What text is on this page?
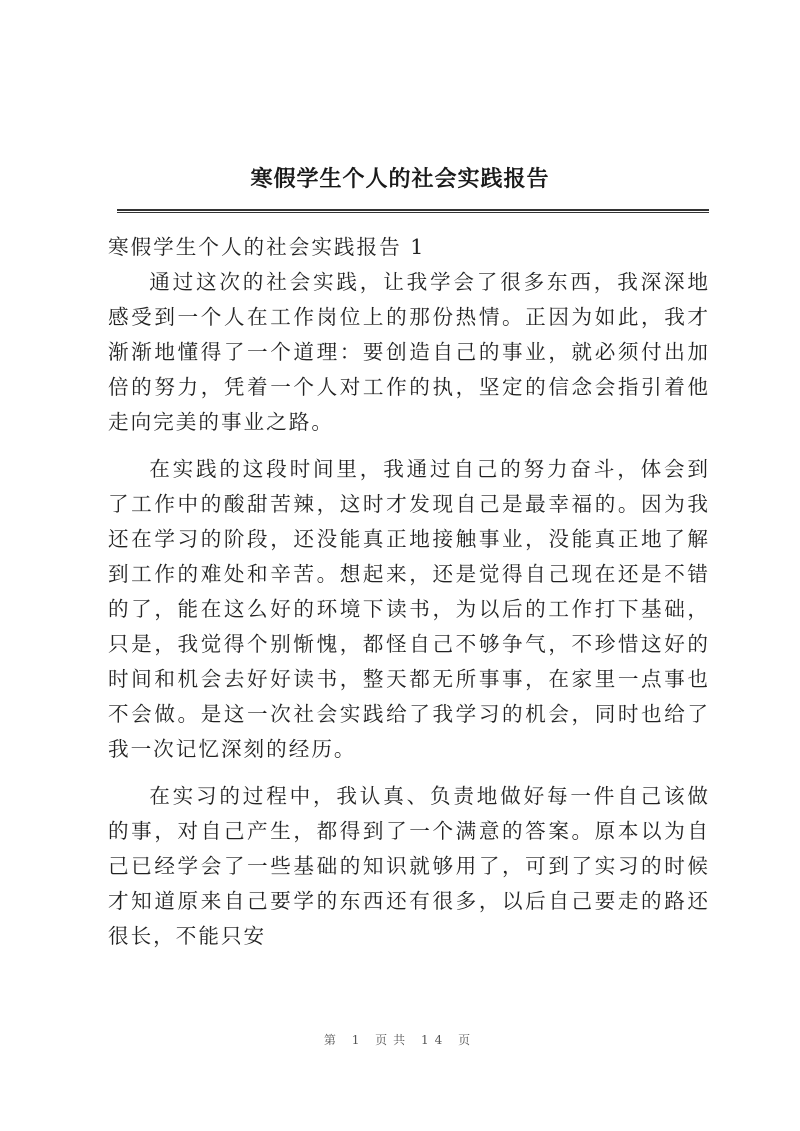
寒假学生个人的社会实践报告
寒假学生个人的社会实践报告 1

通过这次的社会实践，让我学会了很多东西，我深深地感受到一个人在工作岗位上的那份热情。正因为如此，我才渐渐地懂得了一个道理：要创造自己的事业，就必须付出加倍的努力，凭着一个人对工作的执，坚定的信念会指引着他走向完美的事业之路。

在实践的这段时间里，我通过自己的努力奋斗，体会到了工作中的酸甜苦辣，这时才发现自己是最幸福的。因为我还在学习的阶段，还没能真正地接触事业，没能真正地了解到工作的难处和辛苦。想起来，还是觉得自己现在还是不错的了，能在这么好的环境下读书，为以后的工作打下基础，只是，我觉得个别惭愧，都怪自己不够争气，不珍惜这好的时间和机会去好好读书，整天都无所事事，在家里一点事也不会做。是这一次社会实践给了我学习的机会，同时也给了我一次记忆深刻的经历。

在实习的过程中，我认真、负责地做好每一件自己该做的事，对自己产生，都得到了一个满意的答案。原本以为自己已经学会了一些基础的知识就够用了，可到了实习的时候才知道原来自己要学的东西还有很多，以后自己要走的路还很长，不能只安

第 1 页共 14 页
